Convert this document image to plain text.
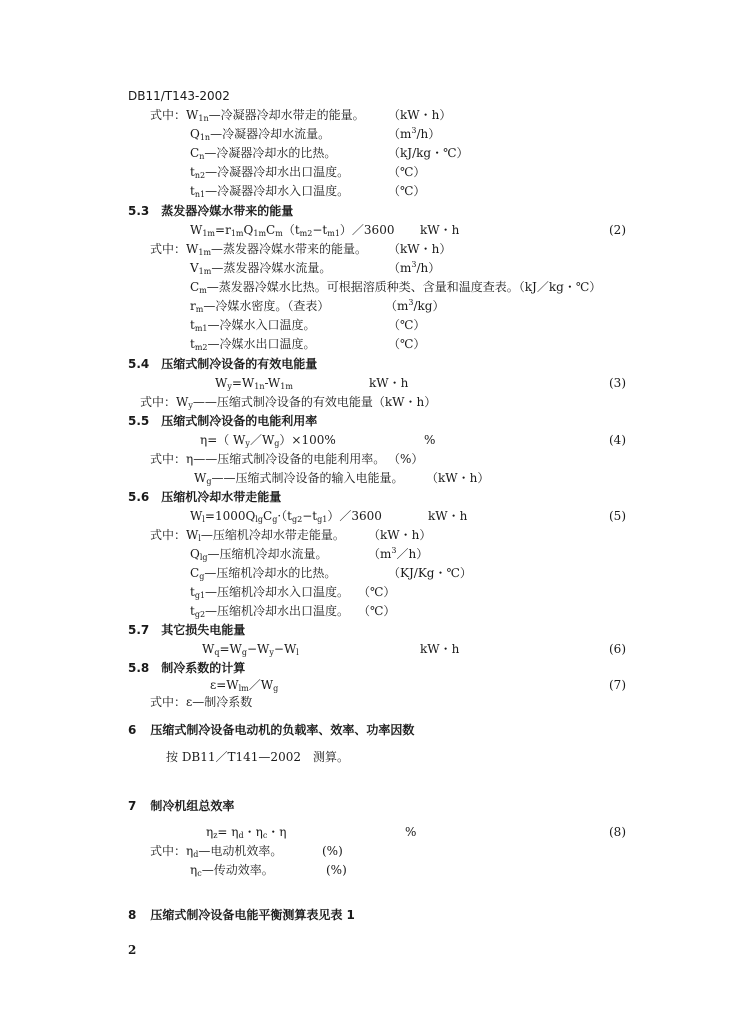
DB11/T143-2002
式中：$W_{1n}—$冷凝器冷却水带走的能量。 （kW・h）
$Q_{1n}—$冷凝器冷却水流量。	$(m^3/h)$
$C_n—$冷凝器冷却水的比热。	（kJ/kg・℃）
$t_{n2}—$冷凝器冷却水出口温度。	（℃）
$t_{n1}—$冷凝器冷却水入口温度。	（℃）
5.3 蒸发器冷媒水带来的能量
$W_{1m}=r_{1m}Q_{1m}C_m(t_{m2}-t_{m1})/3600$ kW・h	(2)
式中：$W_{1m}—$蒸发器冷媒水带来的能量。 （kW・h）
$V_{1m}—$蒸发器冷媒水流量。	$(m^3/h)$
$C_m—$蒸发器冷媒水比热。可根据溶质种类、含量和温度查表。（kJ／kg・℃）
$r_m—$冷媒水密度。（查表）	$(m^3/kg)$
$t_{m1}—$冷媒水入口温度。	（℃）
$t_{m2}—$冷媒水出口温度。	（℃）
5.4 压缩式制冷设备的有效电能量
$W_y=W_{1n}-W_{1m}$	kW・h	(3)
式中：$W_y——$压缩式制冷设备的有效电能量（kW・h）
5.5 压缩式制冷设备的电能利用率
η=（ $W_y/W_g)\times 100\%$	%	(4)
式中：η——压缩式制冷设备的电能利用率。 （%）
$W_g——$压缩式制冷设备的输入电能量。 （kW・h）
5.6 压缩机冷却水带走能量
$W_l=1000Q_{lg}C_g\cdot(t_{g2}-t_{g1})/3600$	kW・h	(5)
式中：$W_l—$压缩机冷却水带走能量。 （kW・h）
$Q_{lg}—$压缩机冷却水流量。	$(m^3/h)$
$C_g—$压缩机冷却水的比热。	（KJ/Kg・℃）
$t_{g1}—$压缩机冷却水入口温度。 （℃）
$t_{g2}—$压缩机冷却水出口温度。 （℃）
5.7 其它损失电能量
$W_q=W_g-W_y-W_l$	kW・h	(6)
5.8 制冷系数的计算
$\varepsilon=W_{lm}/W_g$	(7)
式中：ε—制冷系数
6 压缩式制冷设备电动机的负载率、效率、功率因数
按 DB11／T141—2002　测算。
7 制冷机组总效率
$\eta_z= \eta_d$・$\eta_c$・η	%	(8)
式中：$\eta_d—$电动机效率。	(%)
$\eta_c—$传动效率。	(%)
8 压缩式制冷设备电能平衡测算表见表 1
2
